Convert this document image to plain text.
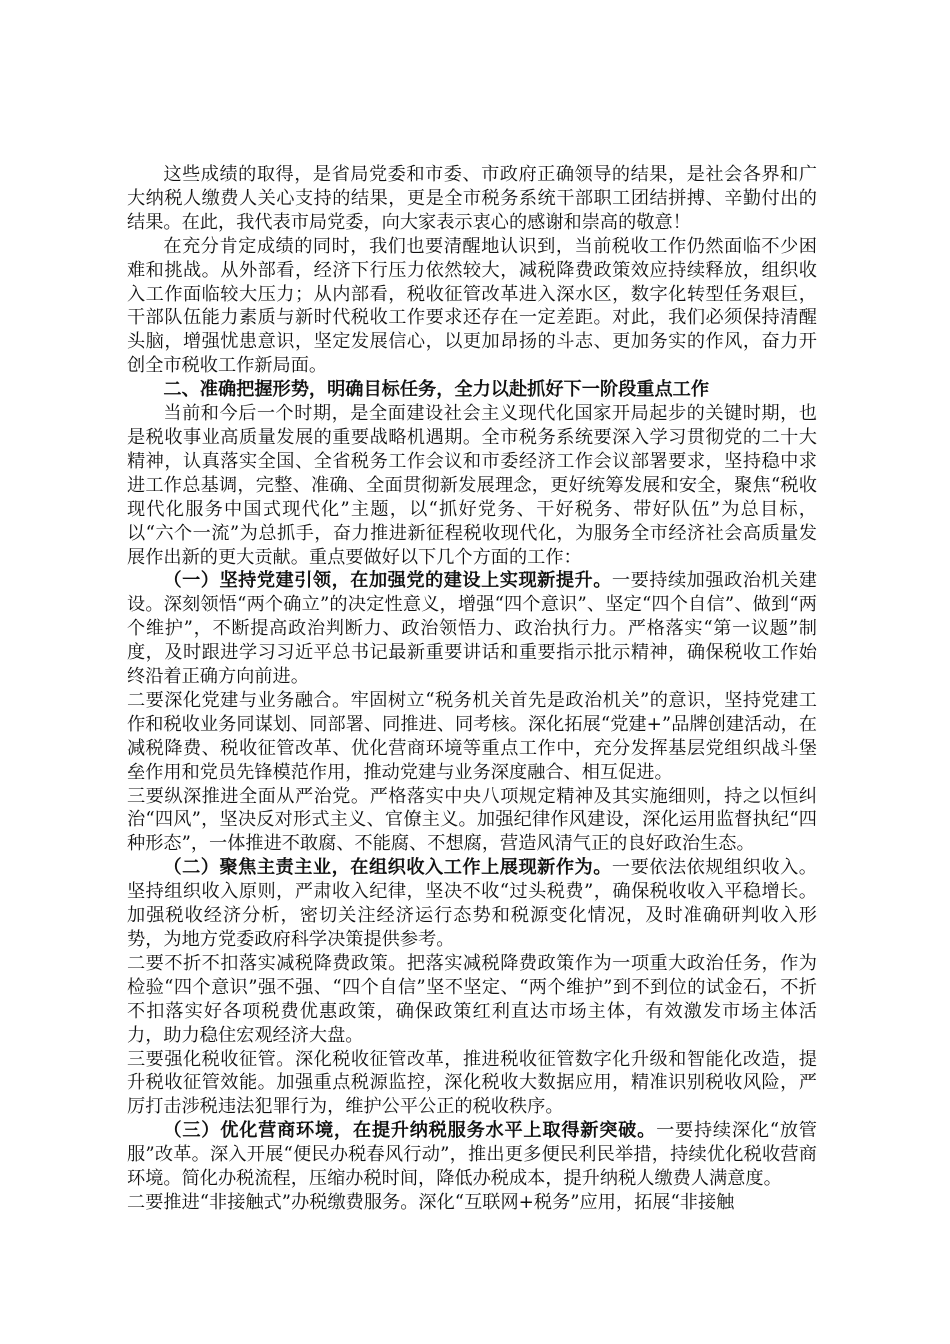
这些成绩的取得，是省局党委和市委、市政府正确领导的结果，是社会各界和广大纳税人缴费人关心支持的结果，更是全市税务系统干部职工团结拼搏、辛勤付出的结果。在此，我代表市局党委，向大家表示衷心的感谢和崇高的敬意！

在充分肯定成绩的同时，我们也要清醒地认识到，当前税收工作仍然面临不少困难和挑战。从外部看，经济下行压力依然较大，减税降费政策效应持续释放，组织收入工作面临较大压力；从内部看，税收征管改革进入深水区，数字化转型任务艰巨，干部队伍能力素质与新时代税收工作要求还存在一定差距。对此，我们必须保持清醒头脑，增强忧患意识，坚定发展信心，以更加昂扬的斗志、更加务实的作风，奋力开创全市税收工作新局面。

二、准确把握形势，明确目标任务，全力以赴抓好下一阶段重点工作

当前和今后一个时期，是全面建设社会主义现代化国家开局起步的关键时期，也是税收事业高质量发展的重要战略机遇期。全市税务系统要深入学习贯彻党的二十大精神，认真落实全国、全省税务工作会议和市委经济工作会议部署要求，坚持稳中求进工作总基调，完整、准确、全面贯彻新发展理念，更好统筹发展和安全，聚焦“税收现代化服务中国式现代化”主题，以“抓好党务、干好税务、带好队伍”为总目标，以“六个一流”为总抓手，奋力推进新征程税收现代化，为服务全市经济社会高质量发展作出新的更大贡献。重点要做好以下几个方面的工作：

（一）坚持党建引领，在加强党的建设上实现新提升。一要持续加强政治机关建设。深刻领悟“两个确立”的决定性意义，增强“四个意识”、坚定“四个自信”、做到“两个维护”，不断提高政治判断力、政治领悟力、政治执行力。严格落实“第一议题”制度，及时跟进学习习近平总书记最新重要讲话和重要指示批示精神，确保税收工作始终沿着正确方向前进。

二要深化党建与业务融合。牢固树立“税务机关首先是政治机关”的意识，坚持党建工作和税收业务同谋划、同部署、同推进、同考核。深化拓展“党建+”品牌创建活动，在减税降费、税收征管改革、优化营商环境等重点工作中，充分发挥基层党组织战斗堡垒作用和党员先锋模范作用，推动党建与业务深度融合、相互促进。

三要纵深推进全面从严治党。严格落实中央八项规定精神及其实施细则，持之以恒纠治“四风”，坚决反对形式主义、官僚主义。加强纪律作风建设，深化运用监督执纪“四种形态”，一体推进不敢腐、不能腐、不想腐，营造风清气正的良好政治生态。

（二）聚焦主责主业，在组织收入工作上展现新作为。一要依法依规组织收入。坚持组织收入原则，严肃收入纪律，坚决不收“过头税费”，确保税收收入平稳增长。加强税收经济分析，密切关注经济运行态势和税源变化情况，及时准确研判收入形势，为地方党委政府科学决策提供参考。

二要不折不扣落实减税降费政策。把落实减税降费政策作为一项重大政治任务，作为检验“四个意识”强不强、“四个自信”坚不坚定、“两个维护”到不到位的试金石，不折不扣落实好各项税费优惠政策，确保政策红利直达市场主体，有效激发市场主体活力，助力稳住宏观经济大盘。

三要强化税收征管。深化税收征管改革，推进税收征管数字化升级和智能化改造，提升税收征管效能。加强重点税源监控，深化税收大数据应用，精准识别税收风险，严厉打击涉税违法犯罪行为，维护公平公正的税收秩序。

（三）优化营商环境，在提升纳税服务水平上取得新突破。一要持续深化“放管服”改革。深入开展“便民办税春风行动”，推出更多便民利民举措，持续优化税收营商环境。简化办税流程，压缩办税时间，降低办税成本，提升纳税人缴费人满意度。

二要推进“非接触式”办税缴费服务。深化“互联网+税务”应用，拓展“非接触
